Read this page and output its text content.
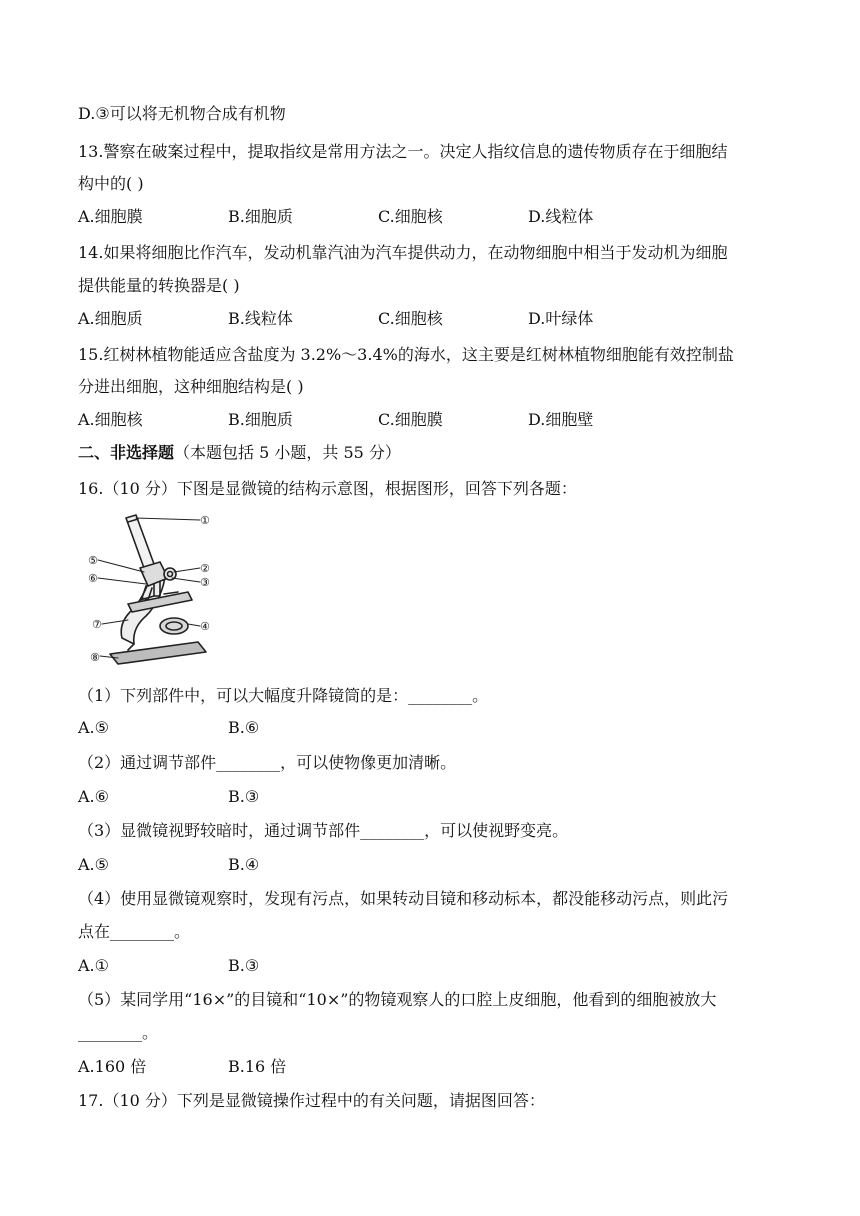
D.③可以将无机物合成有机物
13.警察在破案过程中，提取指纹是常用方法之一。决定人指纹信息的遗传物质存在于细胞结
构中的( )
A.细胞膜	B.细胞质	C.细胞核	D.线粒体
14.如果将细胞比作汽车，发动机靠汽油为汽车提供动力，在动物细胞中相当于发动机为细胞
提供能量的转换器是( )
A.细胞质	B.线粒体	C.细胞核	D.叶绿体
15.红树林植物能适应含盐度为 3.2%～3.4%的海水，这主要是红树林植物细胞能有效控制盐
分进出细胞，这种细胞结构是( )
A.细胞核	B.细胞质	C.细胞膜	D.细胞壁
二、非选择题（本题包括 5 小题，共 55 分）
16.（10 分）下图是显微镜的结构示意图，根据图形，回答下列各题：
①
②
③
④
⑤
⑥
⑦
⑧
（1）下列部件中，可以大幅度升降镜筒的是：________。
A.⑤	B.⑥
（2）通过调节部件________，可以使物像更加清晰。
A.⑥	B.③
（3）显微镜视野较暗时，通过调节部件________，可以使视野变亮。
A.⑤	B.④
（4）使用显微镜观察时，发现有污点，如果转动目镜和移动标本，都没能移动污点，则此污
点在________。
A.①	B.③
（5）某同学用“16×”的目镜和“10×”的物镜观察人的口腔上皮细胞，他看到的细胞被放大
________。
A.160 倍	B.16 倍
17.（10 分）下列是显微镜操作过程中的有关问题，请据图回答：
